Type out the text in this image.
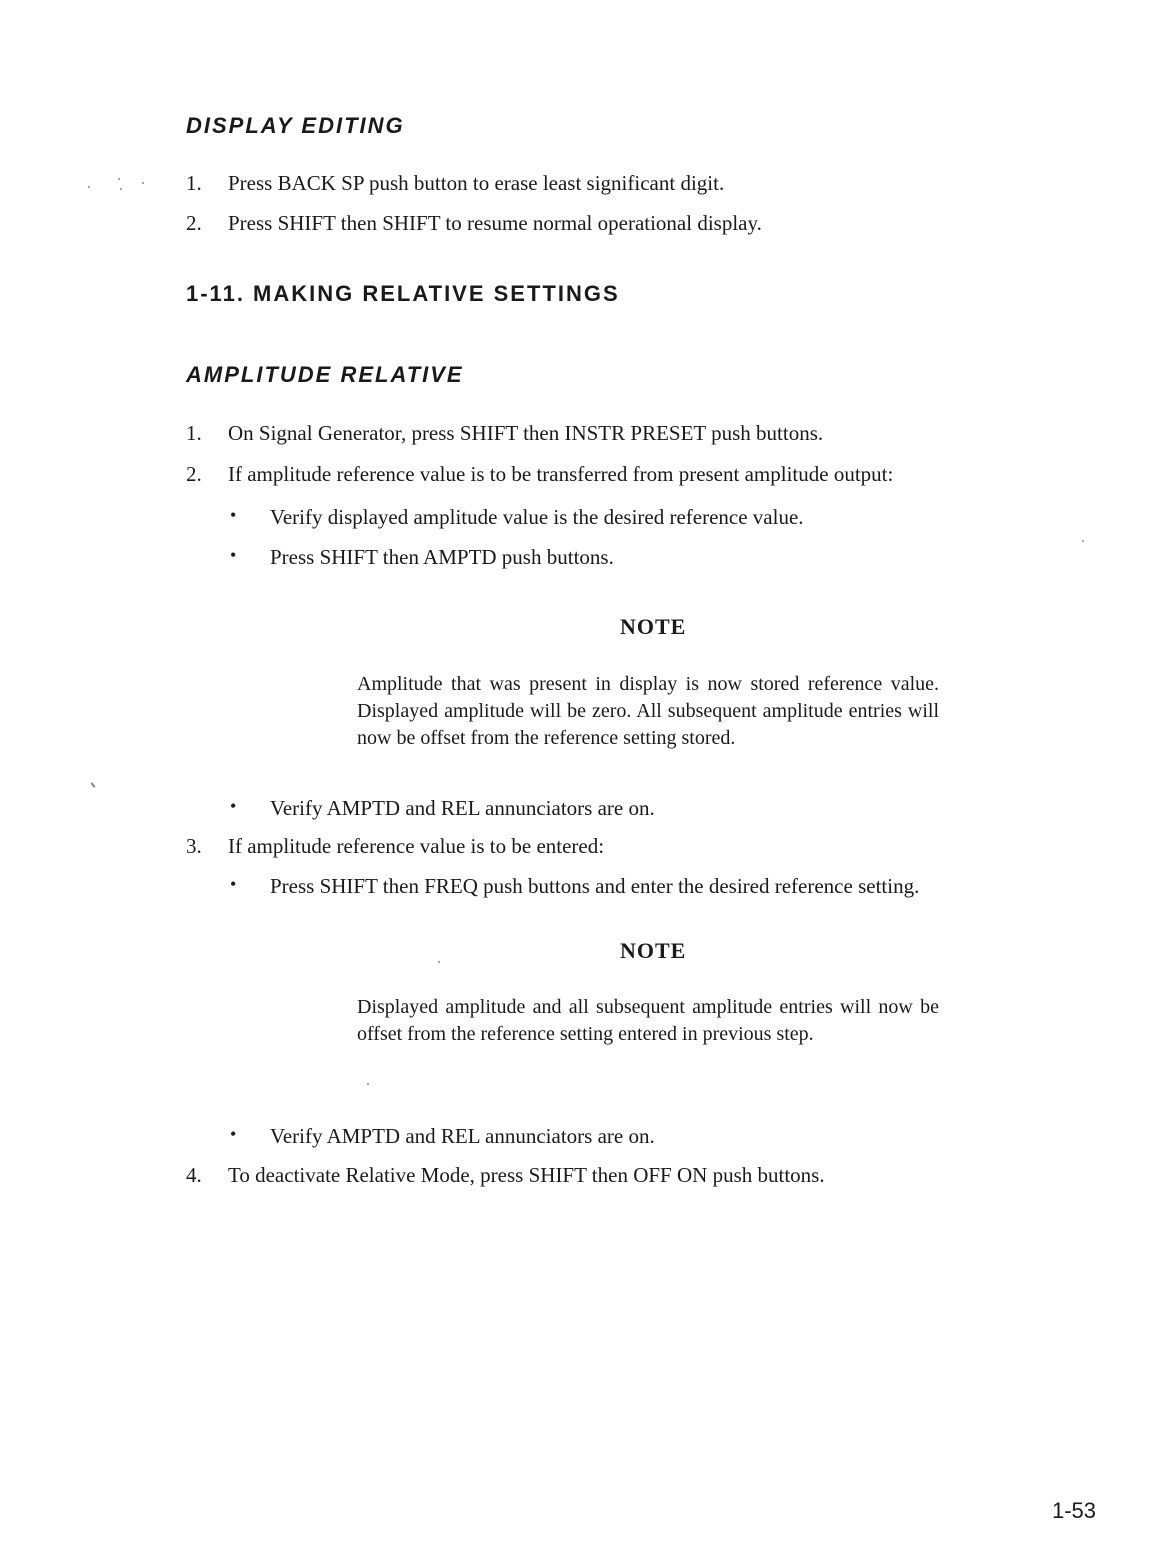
DISPLAY EDITING
1. Press BACK SP push button to erase least significant digit.
2. Press SHIFT then SHIFT to resume normal operational display.
1-11. MAKING RELATIVE SETTINGS
AMPLITUDE RELATIVE
1. On Signal Generator, press SHIFT then INSTR PRESET push buttons.
2. If amplitude reference value is to be transferred from present amplitude output:
• Verify displayed amplitude value is the desired reference value.
• Press SHIFT then AMPTD push buttons.
NOTE
Amplitude that was present in display is now stored reference value. Displayed amplitude will be zero. All subsequent amplitude entries will now be offset from the reference setting stored.
• Verify AMPTD and REL annunciators are on.
3. If amplitude reference value is to be entered:
• Press SHIFT then FREQ push buttons and enter the desired reference setting.
NOTE
Displayed amplitude and all subsequent amplitude entries will now be offset from the reference setting entered in previous step.
• Verify AMPTD and REL annunciators are on.
4. To deactivate Relative Mode, press SHIFT then OFF ON push buttons.
1-53
